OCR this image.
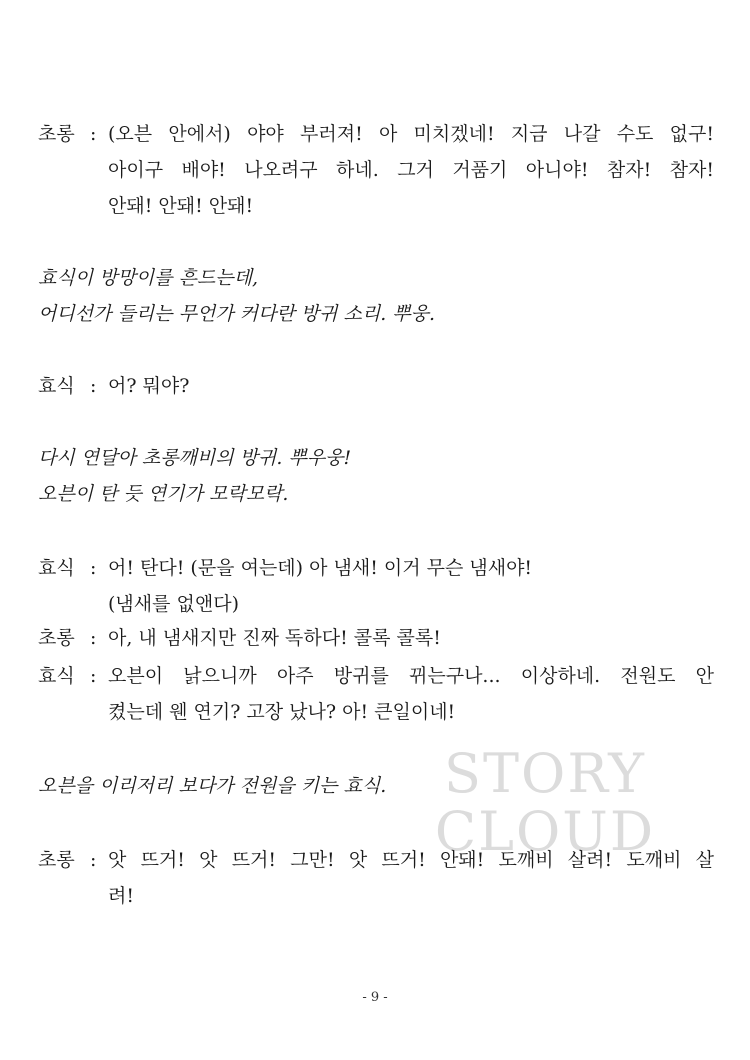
STORY
CLOUD
초롱 : (오븐 안에서) 야야 부러져! 아 미치겠네! 지금 나갈 수도 없구!
아이구 배야! 나오려구 하네. 그거 거품기 아니야! 참자! 참자!
안돼! 안돼! 안돼!
효식이 방망이를 흔드는데,
어디선가 들리는 무언가 커다란 방귀 소리. 뿌웅.
효식 : 어? 뭐야?
다시 연달아 초롱깨비의 방귀. 뿌우웅!
오븐이 탄 듯 연기가 모락모락.
효식 : 어! 탄다! (문을 여는데) 아 냄새! 이거 무슨 냄새야!
(냄새를 없앤다)
초롱 : 아, 내 냄새지만 진짜 독하다! 콜록 콜록!
효식 : 오븐이 낡으니까 아주 방귀를 뀌는구나... 이상하네. 전원도 안
켰는데 웬 연기? 고장 났나? 아! 큰일이네!
오븐을 이리저리 보다가 전원을 키는 효식.
초롱 : 앗 뜨거! 앗 뜨거! 그만! 앗 뜨거! 안돼! 도깨비 살려! 도깨비 살
려!
- 9 -
